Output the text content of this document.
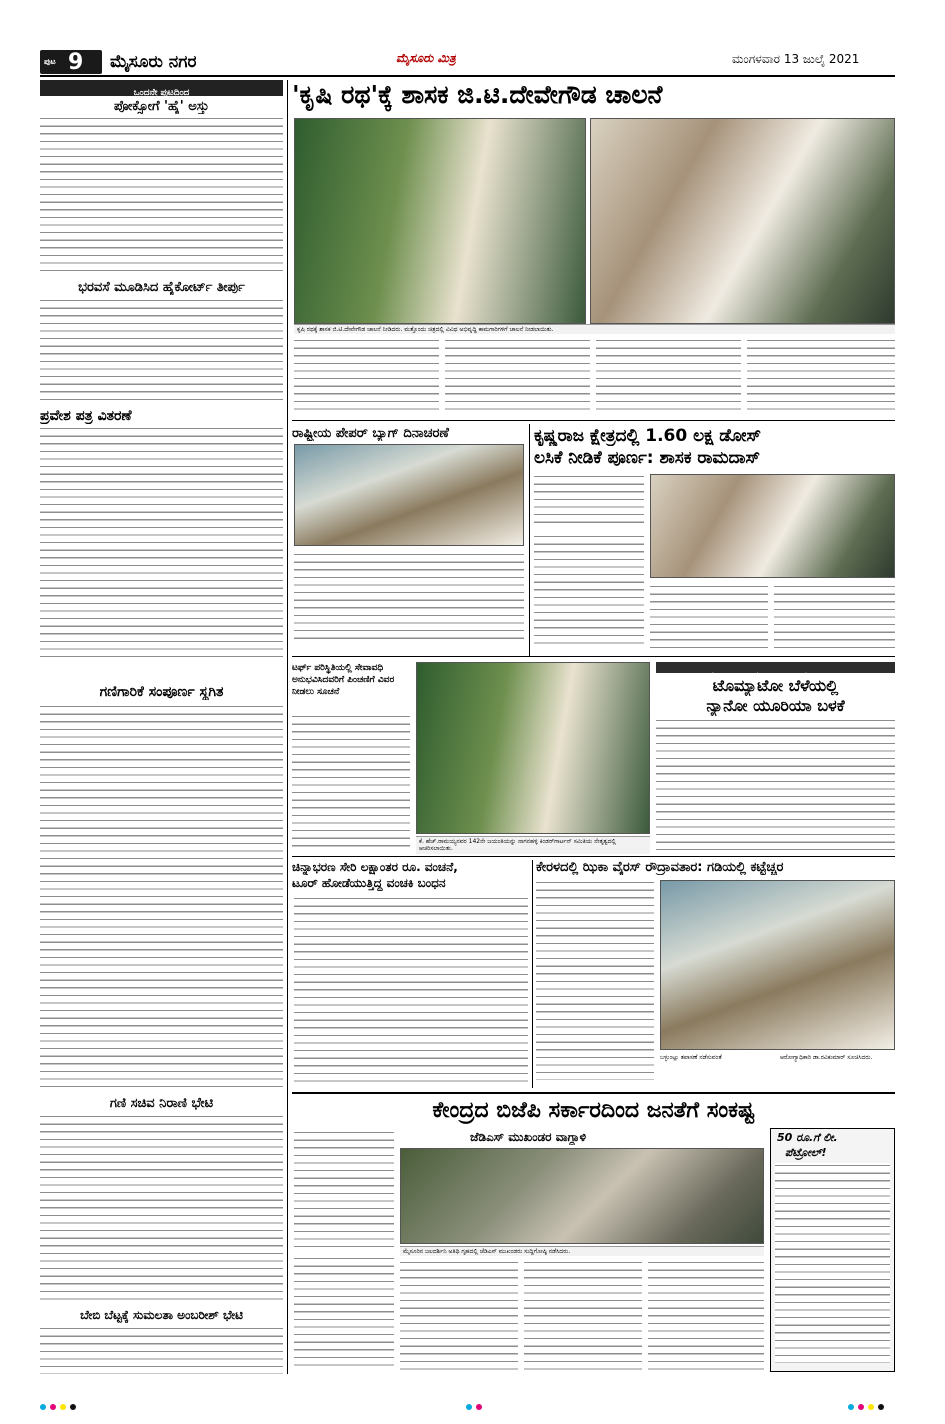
ಪುಟ 9 ಮೈಸೂರು ನಗರ	ಮೈಸೂರು ಮಿತ್ರ	ಮಂಗಳವಾರ 13 ಜುಲೈ 2021
ಒಂದನೇ ಪುಟದಿಂದ
ಪೋಕ್ಸೋಗೆ 'ಹೈ' ಅಸ್ತು
ಭರವಸೆ ಮೂಡಿಸಿದ ಹೈಕೋರ್ಟ್ ತೀರ್ಪು
ಪ್ರವೇಶ ಪತ್ರ ವಿತರಣೆ
ಗಣಿಗಾರಿಕೆ ಸಂಪೂರ್ಣ ಸ್ಥಗಿತ
ಗಣಿ ಸಚಿವ ನಿರಾಣಿ ಭೇಟಿ
ಬೇಬಿ ಬೆಟ್ಟಕ್ಕೆ ಸುಮಲತಾ ಅಂಬರೀಶ್ ಭೇಟಿ
'ಕೃಷಿ ರಥ'ಕ್ಕೆ ಶಾಸಕ ಜಿ.ಟಿ.ದೇವೇಗೌಡ ಚಾಲನೆ
ಕೃಷಿ ರಥಕ್ಕೆ ಶಾಸಕ ಜಿ.ಟಿ.ದೇವೇಗೌಡ ಚಾಲನೆ ನೀಡಿದರು. ಮತ್ತೊಂದು ಚಿತ್ರದಲ್ಲಿ ವಿವಿಧ ಅಭಿವೃದ್ಧಿ ಕಾಮಗಾರಿಗಳಿಗೆ ಚಾಲನೆ ನೀಡಲಾಯಿತು.
ರಾಷ್ಟ್ರೀಯ ಪೇಪರ್ ಬ್ಯಾಗ್ ದಿನಾಚರಣೆ	ಕೃಷ್ಣರಾಜ ಕ್ಷೇತ್ರದಲ್ಲಿ 1.60 ಲಕ್ಷ ಡೋಸ್
ಲಸಿಕೆ ನೀಡಿಕೆ ಪೂರ್ಣ: ಶಾಸಕ ರಾಮದಾಸ್
ಟರ್ಫ್ ಪರಿಸ್ಥಿತಿಯಲ್ಲಿ ಸೇವಾವಧಿ ಅನುಭವಿಸಿದವರಿಗೆ ಪಿಂಚಣಿಗೆ ವಿವರ ನೀಡಲು ಸೂಚನೆ
ಕೆ. ಹೆಚ್.ರಾಮಯ್ಯನವರ 142ನೇ ಜಯಂತಿಯನ್ನು ನಾಗನಹಳ್ಳಿ ಕಿಂಡರ್‌ಗಾರ್ಟನ್ ಸಮಿತಿಯ ನೇತೃತ್ವದಲ್ಲಿ ಆಚರಿಸಲಾಯಿತು.
ಟೊಮ್ಯಾಟೋ ಬೆಳೆಯಲ್ಲಿ
ನ್ಯಾನೋ ಯೂರಿಯಾ ಬಳಕೆ
ಚಿನ್ನಾಭರಣ ಸೇರಿ ಲಕ್ಷಾಂತರ ರೂ. ವಂಚನೆ,
ಟೂರ್ ಹೋಡೆಯುತ್ತಿದ್ದ ವಂಚಕಿ ಬಂಧನ
ಕೇರಳದಲ್ಲಿ ಝಿಕಾ ವೈರಸ್ ರೌದ್ರಾವತಾರ: ಗಡಿಯಲ್ಲಿ ಕಟ್ಟೆಚ್ಚರ
ಬಳ್ಳುಂಟ್ಲು ತಪಾಸಣೆ ನಡೆಸುವಂತೆ	ಆರೋಗ್ಯಾಧಿಕಾರಿ ಡಾ.ರವಿಕುಮಾರ್ ಸೂಚಿಸಿದರು.
ಕೇಂದ್ರದ ಬಿಜೆಪಿ ಸರ್ಕಾರದಿಂದ ಜನತೆಗೆ ಸಂಕಷ್ಟ
ಜೆಡಿಎಸ್ ಮುಖಂಡರ ವಾಗ್ದಾಳಿ
ಮೈಸೂರಿನ ಜಲದರ್ಶಿನಿ ಅತಿಥಿ ಗೃಹದಲ್ಲಿ ಜೆಡಿಎಸ್ ಮುಖಂಡರು ಸುದ್ದಿಗೋಷ್ಠಿ ನಡೆಸಿದರು.
50 ರೂ.ಗೆ ಲೀ.
ಪೆಟ್ರೋಲ್!
